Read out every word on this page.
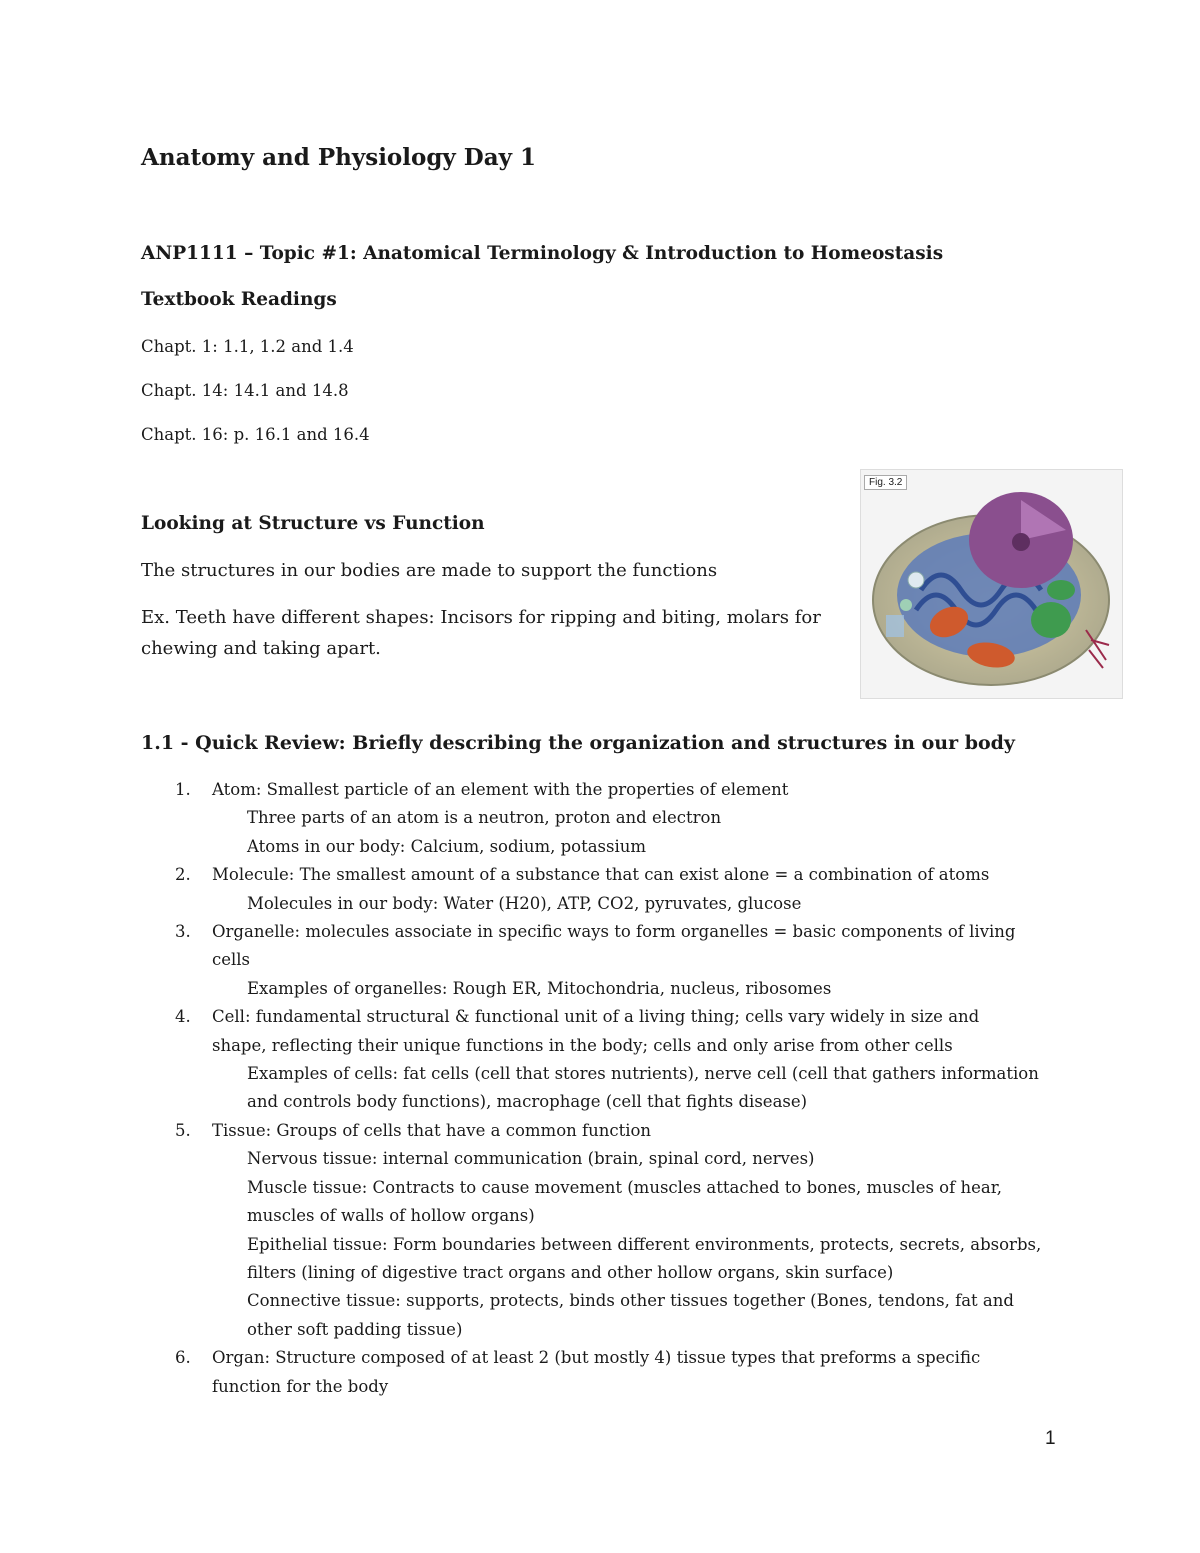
Anatomy and Physiology Day 1
ANP1111 – Topic #1: Anatomical Terminology & Introduction to Homeostasis
Textbook Readings
Chapt. 1: 1.1, 1.2 and 1.4
Chapt. 14: 14.1 and 14.8
Chapt. 16: p. 16.1 and 16.4
Looking at Structure vs Function
The structures in our bodies are made to support the functions
Ex. Teeth have different shapes: Incisors for ripping and biting, molars for
chewing and taking apart.
Fig. 3.2
1.1 - Quick Review: Briefly describing the organization and structures in our body
1. Atom: Smallest particle of an element with the properties of element
Three parts of an atom is a neutron, proton and electron
Atoms in our body: Calcium, sodium, potassium
2. Molecule: The smallest amount of a substance that can exist alone = a combination of atoms
Molecules in our body: Water (H20), ATP, CO2, pyruvates, glucose
3. Organelle: molecules associate in specific ways to form organelles = basic components of living
cells
Examples of organelles: Rough ER, Mitochondria, nucleus, ribosomes
4. Cell: fundamental structural & functional unit of a living thing; cells vary widely in size and
shape, reflecting their unique functions in the body; cells and only arise from other cells
Examples of cells: fat cells (cell that stores nutrients), nerve cell (cell that gathers information
and controls body functions), macrophage (cell that fights disease)
5. Tissue: Groups of cells that have a common function
Nervous tissue: internal communication (brain, spinal cord, nerves)
Muscle tissue: Contracts to cause movement (muscles attached to bones, muscles of hear,
muscles of walls of hollow organs)
Epithelial tissue: Form boundaries between different environments, protects, secrets, absorbs,
filters (lining of digestive tract organs and other hollow organs, skin surface)
Connective tissue: supports, protects, binds other tissues together (Bones, tendons, fat and
other soft padding tissue)
6. Organ: Structure composed of at least 2 (but mostly 4) tissue types that preforms a specific
function for the body
1
